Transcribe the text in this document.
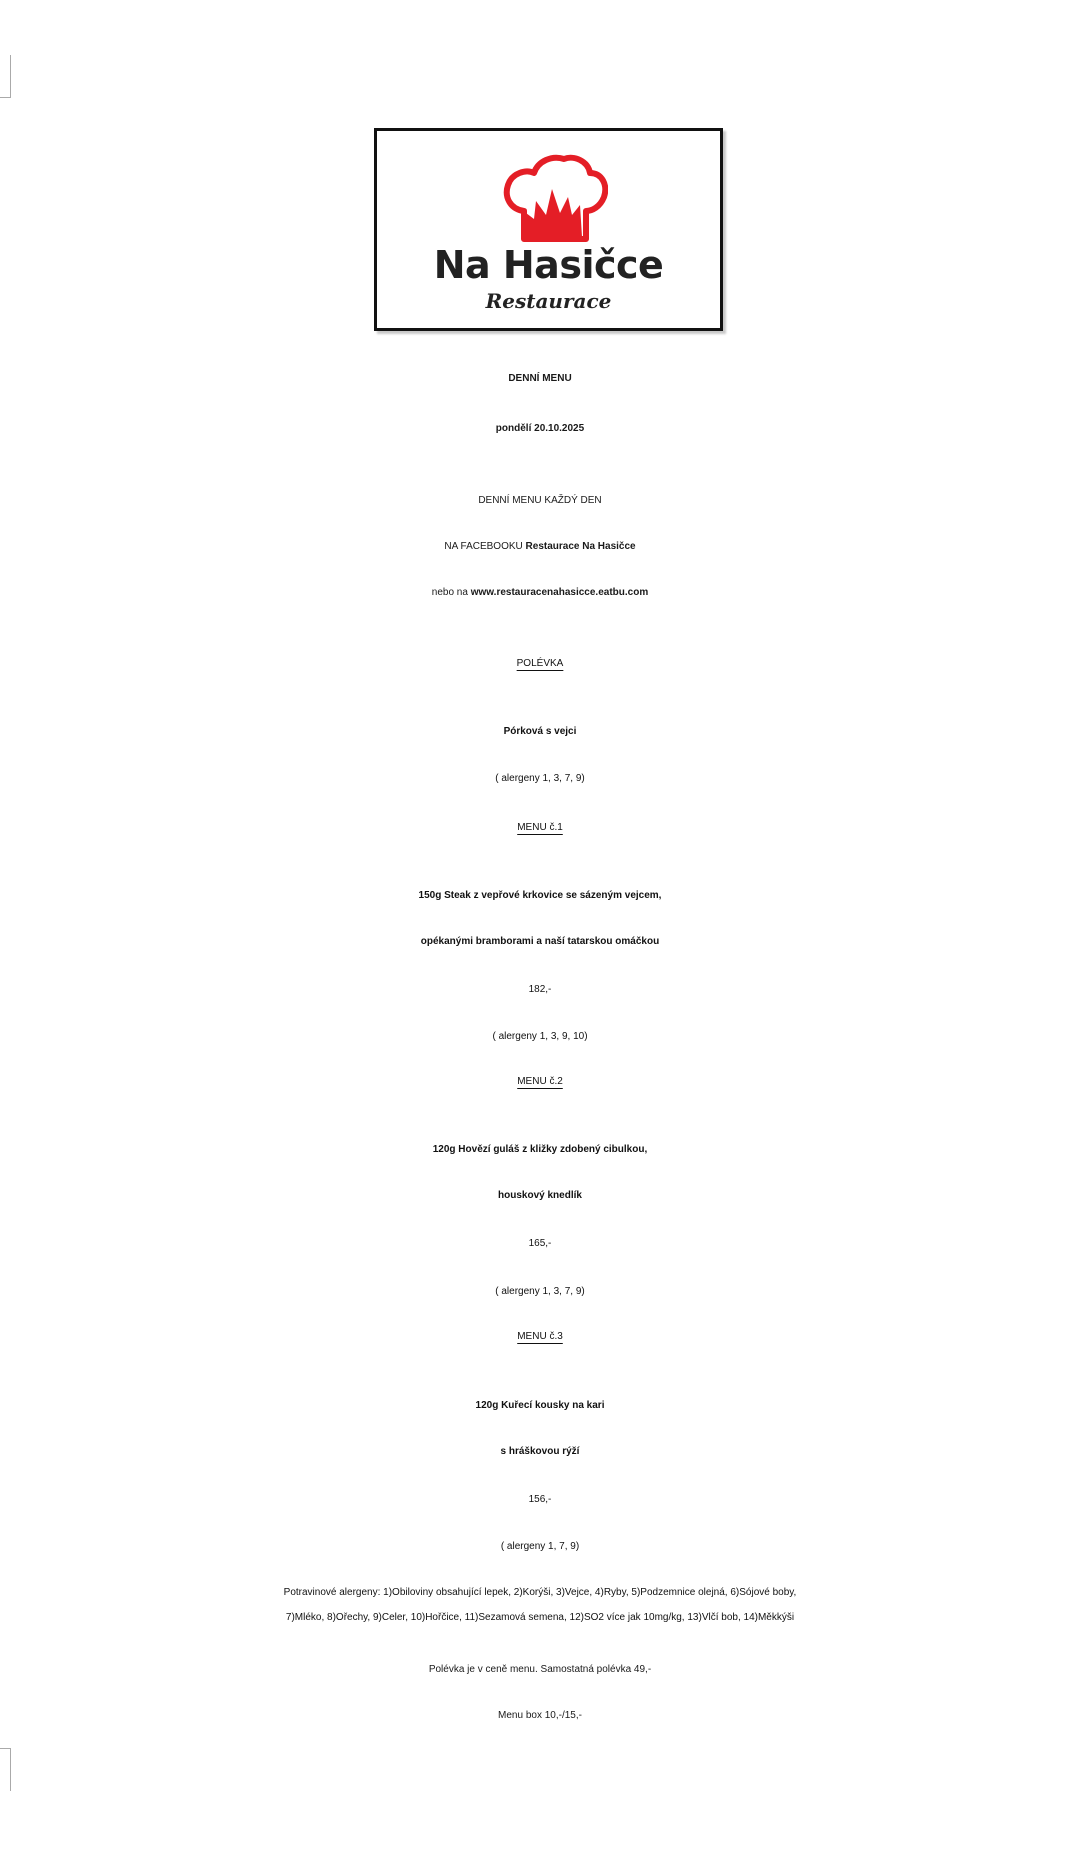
Na Hasičce
Restaurace
DENNÍ MENU
pondělí 20.10.2025
DENNÍ MENU KAŽDÝ DEN
NA FACEBOOKU Restaurace Na Hasičce
nebo na www.restauracenahasicce.eatbu.com
POLÉVKA
Pórková s vejci
( alergeny 1, 3, 7, 9)
MENU č.1
150g Steak z vepřové krkovice se sázeným vejcem,
opékanými bramborami a naší tatarskou omáčkou
182,-
( alergeny 1, 3, 9, 10)
MENU č.2
120g Hovězí guláš z kližky zdobený cibulkou,
houskový knedlík
165,-
( alergeny 1, 3, 7, 9)
MENU č.3
120g Kuřecí kousky na kari
s hráškovou rýží
156,-
( alergeny 1, 7, 9)
Potravinové alergeny: 1)Obiloviny obsahující lepek, 2)Korýši, 3)Vejce, 4)Ryby, 5)Podzemnice olejná, 6)Sójové boby,
7)Mléko, 8)Ořechy, 9)Celer, 10)Hořčice, 11)Sezamová semena, 12)SO2 více jak 10mg/kg, 13)Vlčí bob, 14)Měkkýši
Polévka je v ceně menu. Samostatná polévka 49,-
Menu box 10,-/15,-
